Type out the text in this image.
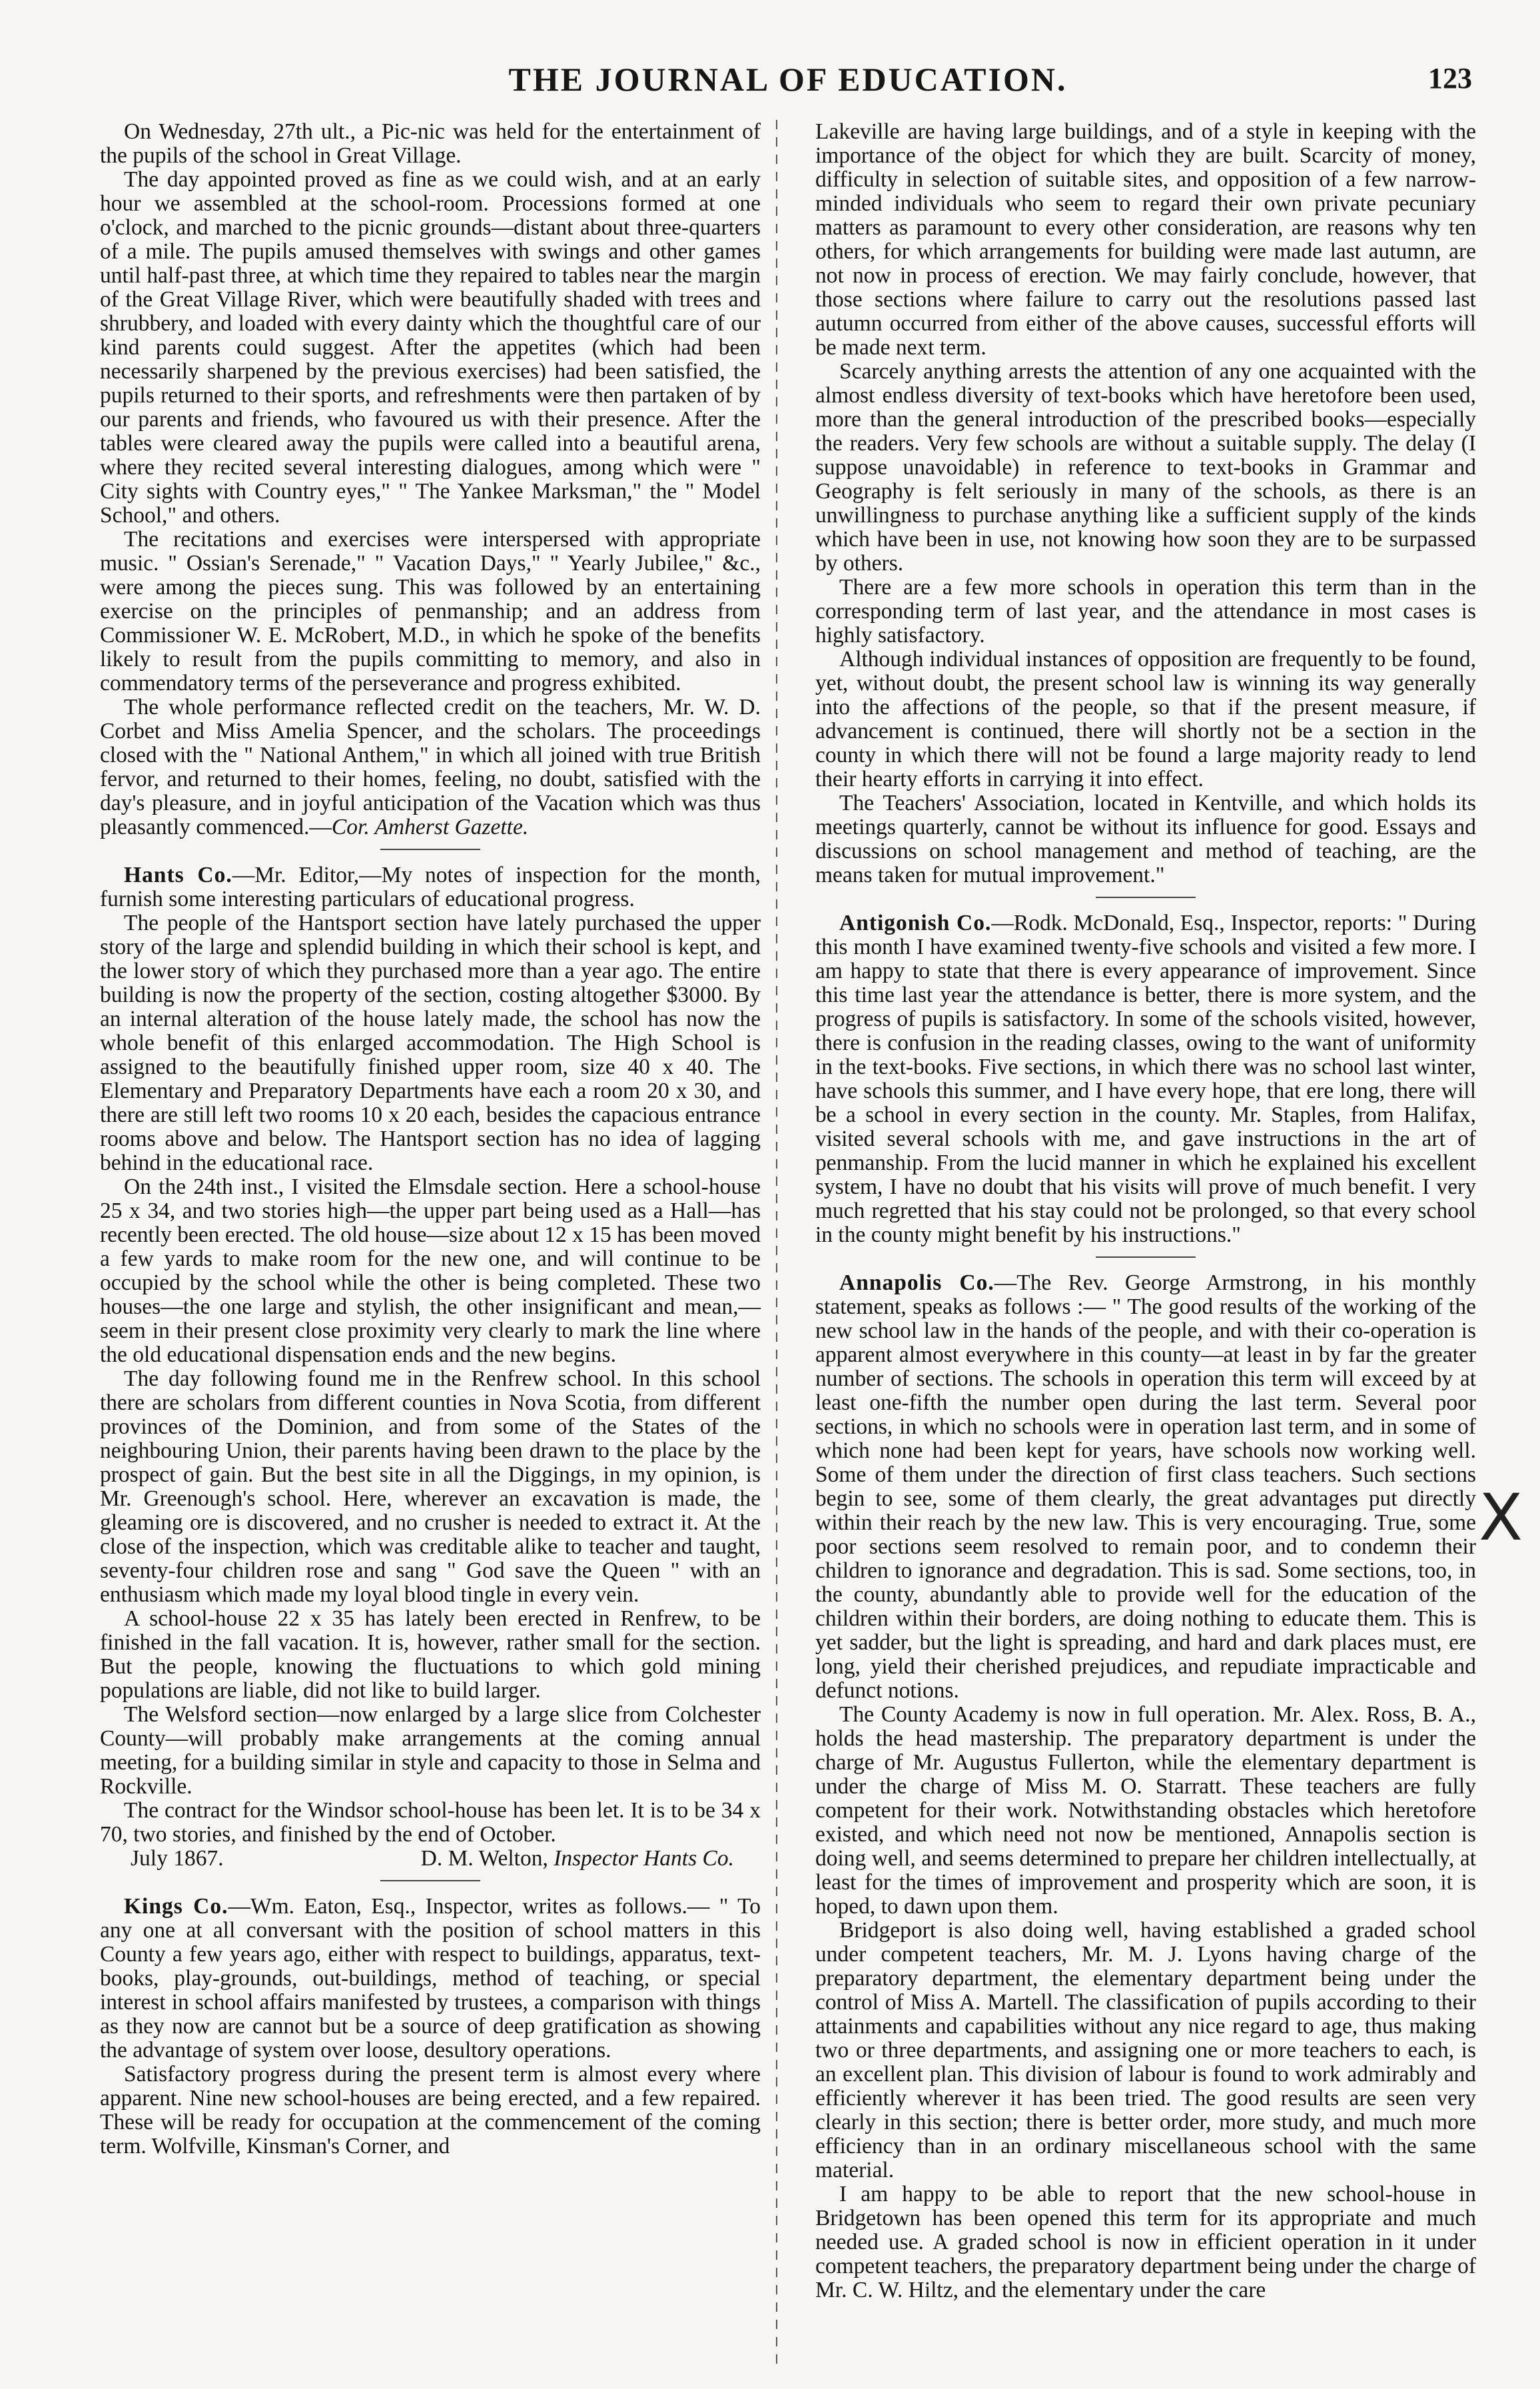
THE JOURNAL OF EDUCATION.	123

On Wednesday, 27th ult., a Pic-nic was held for the entertainment of the pupils of the school in Great Village.

The day appointed proved as fine as we could wish, and at an early hour we assembled at the school-room. Processions formed at one o'clock, and marched to the picnic grounds—distant about three-quarters of a mile. The pupils amused themselves with swings and other games until half-past three, at which time they repaired to tables near the margin of the Great Village River, which were beautifully shaded with trees and shrubbery, and loaded with every dainty which the thoughtful care of our kind parents could suggest. After the appetites (which had been necessarily sharpened by the previous exercises) had been satisfied, the pupils returned to their sports, and refreshments were then partaken of by our parents and friends, who favoured us with their presence. After the tables were cleared away the pupils were called into a beautiful arena, where they recited several interesting dialogues, among which were " City sights with Country eyes," " The Yankee Marksman," the " Model School," and others.

The recitations and exercises were interspersed with appropriate music. " Ossian's Serenade," " Vacation Days," " Yearly Jubilee," &c., were among the pieces sung. This was followed by an entertaining exercise on the principles of penmanship; and an address from Commissioner W. E. McRobert, M.D., in which he spoke of the benefits likely to result from the pupils committing to memory, and also in commendatory terms of the perseverance and progress exhibited.

The whole performance reflected credit on the teachers, Mr. W. D. Corbet and Miss Amelia Spencer, and the scholars. The proceedings closed with the " National Anthem," in which all joined with true British fervor, and returned to their homes, feeling, no doubt, satisfied with the day's pleasure, and in joyful anticipation of the Vacation which was thus pleasantly commenced.—Cor. Amherst Gazette.

Hants Co.—Mr. Editor,—My notes of inspection for the month, furnish some interesting particulars of educational progress.

The people of the Hantsport section have lately purchased the upper story of the large and splendid building in which their school is kept, and the lower story of which they purchased more than a year ago. The entire building is now the property of the section, costing altogether $3000. By an internal alteration of the house lately made, the school has now the whole benefit of this enlarged accommodation. The High School is assigned to the beautifully finished upper room, size 40 x 40. The Elementary and Preparatory Departments have each a room 20 x 30, and there are still left two rooms 10 x 20 each, besides the capacious entrance rooms above and below. The Hantsport section has no idea of lagging behind in the educational race.

On the 24th inst., I visited the Elmsdale section. Here a school-house 25 x 34, and two stories high—the upper part being used as a Hall—has recently been erected. The old house—size about 12 x 15 has been moved a few yards to make room for the new one, and will continue to be occupied by the school while the other is being completed. These two houses—the one large and stylish, the other insignificant and mean,—seem in their present close proximity very clearly to mark the line where the old educational dispensation ends and the new begins.

The day following found me in the Renfrew school. In this school there are scholars from different counties in Nova Scotia, from different provinces of the Dominion, and from some of the States of the neighbouring Union, their parents having been drawn to the place by the prospect of gain. But the best site in all the Diggings, in my opinion, is Mr. Greenough's school. Here, wherever an excavation is made, the gleaming ore is discovered, and no crusher is needed to extract it. At the close of the inspection, which was creditable alike to teacher and taught, seventy-four children rose and sang " God save the Queen " with an enthusiasm which made my loyal blood tingle in every vein.

A school-house 22 x 35 has lately been erected in Renfrew, to be finished in the fall vacation. It is, however, rather small for the section. But the people, knowing the fluctuations to which gold mining populations are liable, did not like to build larger.

The Welsford section—now enlarged by a large slice from Colchester County—will probably make arrangements at the coming annual meeting, for a building similar in style and capacity to those in Selma and Rockville.

The contract for the Windsor school-house has been let. It is to be 34 x 70, two stories, and finished by the end of October.

July 1867.	D. M. Welton, Inspector Hants Co.

Kings Co.—Wm. Eaton, Esq., Inspector, writes as follows.— " To any one at all conversant with the position of school matters in this County a few years ago, either with respect to buildings, apparatus, text-books, play-grounds, out-buildings, method of teaching, or special interest in school affairs manifested by trustees, a comparison with things as they now are cannot but be a source of deep gratification as showing the advantage of system over loose, desultory operations.

Satisfactory progress during the present term is almost every where apparent. Nine new school-houses are being erected, and a few repaired. These will be ready for occupation at the commencement of the coming term. Wolfville, Kinsman's Corner, and

Lakeville are having large buildings, and of a style in keeping with the importance of the object for which they are built. Scarcity of money, difficulty in selection of suitable sites, and opposition of a few narrow-minded individuals who seem to regard their own private pecuniary matters as paramount to every other consideration, are reasons why ten others, for which arrangements for building were made last autumn, are not now in process of erection. We may fairly conclude, however, that those sections where failure to carry out the resolutions passed last autumn occurred from either of the above causes, successful efforts will be made next term.

Scarcely anything arrests the attention of any one acquainted with the almost endless diversity of text-books which have heretofore been used, more than the general introduction of the prescribed books—especially the readers. Very few schools are without a suitable supply. The delay (I suppose unavoidable) in reference to text-books in Grammar and Geography is felt seriously in many of the schools, as there is an unwillingness to purchase anything like a sufficient supply of the kinds which have been in use, not knowing how soon they are to be surpassed by others.

There are a few more schools in operation this term than in the corresponding term of last year, and the attendance in most cases is highly satisfactory.

Although individual instances of opposition are frequently to be found, yet, without doubt, the present school law is winning its way generally into the affections of the people, so that if the present measure, if advancement is continued, there will shortly not be a section in the county in which there will not be found a large majority ready to lend their hearty efforts in carrying it into effect.

The Teachers' Association, located in Kentville, and which holds its meetings quarterly, cannot be without its influence for good. Essays and discussions on school management and method of teaching, are the means taken for mutual improvement."

Antigonish Co.—Rodk. McDonald, Esq., Inspector, reports: " During this month I have examined twenty-five schools and visited a few more. I am happy to state that there is every appearance of improvement. Since this time last year the attendance is better, there is more system, and the progress of pupils is satisfactory. In some of the schools visited, however, there is confusion in the reading classes, owing to the want of uniformity in the text-books. Five sections, in which there was no school last winter, have schools this summer, and I have every hope, that ere long, there will be a school in every section in the county. Mr. Staples, from Halifax, visited several schools with me, and gave instructions in the art of penmanship. From the lucid manner in which he explained his excellent system, I have no doubt that his visits will prove of much benefit. I very much regretted that his stay could not be prolonged, so that every school in the county might benefit by his instructions."

Annapolis Co.—The Rev. George Armstrong, in his monthly statement, speaks as follows :— " The good results of the working of the new school law in the hands of the people, and with their co-operation is apparent almost everywhere in this county—at least in by far the greater number of sections. The schools in operation this term will exceed by at least one-fifth the number open during the last term. Several poor sections, in which no schools were in operation last term, and in some of which none had been kept for years, have schools now working well. Some of them under the direction of first class teachers. Such sections begin to see, some of them clearly, the great advantages put directly within their reach by the new law. This is very encouraging. True, some poor sections seem resolved to remain poor, and to condemn their children to ignorance and degradation. This is sad. Some sections, too, in the county, abundantly able to provide well for the education of the children within their borders, are doing nothing to educate them. This is yet sadder, but the light is spreading, and hard and dark places must, ere long, yield their cherished prejudices, and repudiate impracticable and defunct notions.

The County Academy is now in full operation. Mr. Alex. Ross, B. A., holds the head mastership. The preparatory department is under the charge of Mr. Augustus Fullerton, while the elementary department is under the charge of Miss M. O. Starratt. These teachers are fully competent for their work. Notwithstanding obstacles which heretofore existed, and which need not now be mentioned, Annapolis section is doing well, and seems determined to prepare her children intellectually, at least for the times of improvement and prosperity which are soon, it is hoped, to dawn upon them.

Bridgeport is also doing well, having established a graded school under competent teachers, Mr. M. J. Lyons having charge of the preparatory department, the elementary department being under the control of Miss A. Martell. The classification of pupils according to their attainments and capabilities without any nice regard to age, thus making two or three departments, and assigning one or more teachers to each, is an excellent plan. This division of labour is found to work admirably and efficiently wherever it has been tried. The good results are seen very clearly in this section; there is better order, more study, and much more efficiency than in an ordinary miscellaneous school with the same material.

I am happy to be able to report that the new school-house in Bridgetown has been opened this term for its appropriate and much needed use. A graded school is now in efficient operation in it under competent teachers, the preparatory department being under the charge of Mr. C. W. Hiltz, and the elementary under the care

X
